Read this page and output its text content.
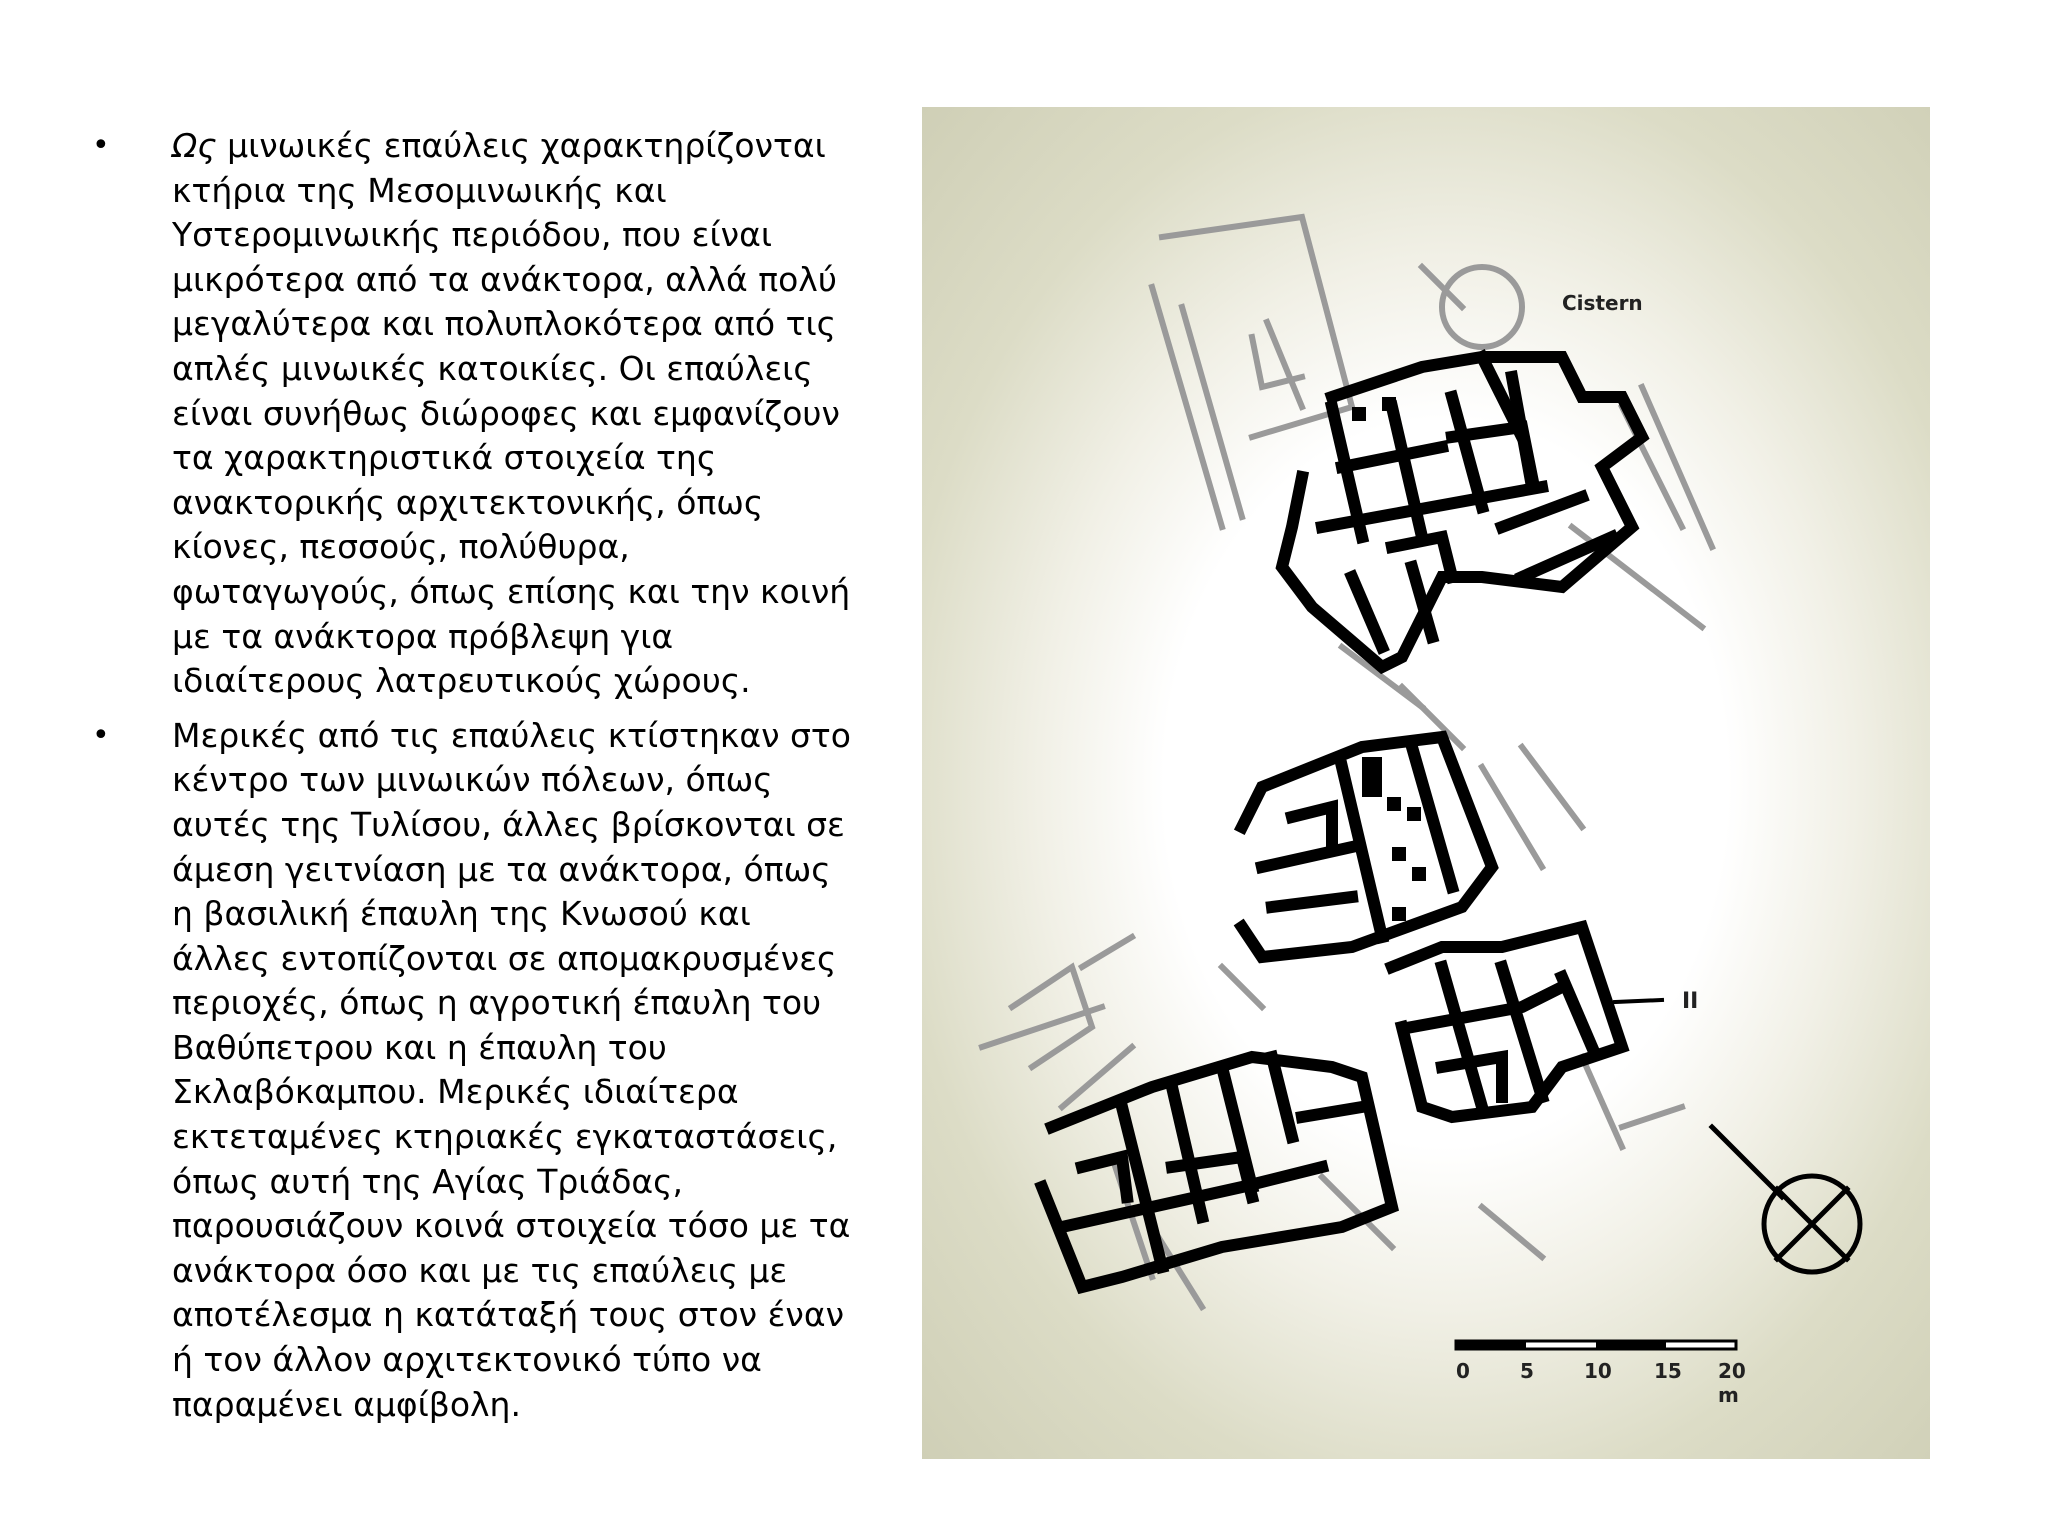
•	Ως μινωικές επαύλεις χαρακτηρίζονται κτήρια της Μεσομινωικής και Υστερομινωικής περιόδου, που είναι μικρότερα από τα ανάκτορα, αλλά πολύ μεγαλύτερα και πολυπλοκότερα από τις απλές μινωικές κατοικίες. Οι επαύλεις είναι συνήθως διώροφες και εμφανίζουν τα χαρακτηριστικά στοιχεία της ανακτορικής αρχιτεκτονικής, όπως κίονες, πεσσούς, πολύθυρα, φωταγωγούς, όπως επίσης και την κοινή με τα ανάκτορα πρόβλεψη για ιδιαίτερους λατρευτικούς χώρους.
•	Μερικές από τις επαύλεις κτίστηκαν στο κέντρο των μινωικών πόλεων, όπως αυτές της Τυλίσου, άλλες βρίσκονται σε άμεση γειτνίαση με τα ανάκτορα, όπως η βασιλική έπαυλη της Κνωσού και άλλες εντοπίζονται σε απομακρυσμένες περιοχές, όπως η αγροτική έπαυλη του Βαθύπετρου και η έπαυλη του Σκλαβόκαμπου. Μερικές ιδιαίτερα εκτεταμένες κτηριακές εγκαταστάσεις, όπως αυτή της Αγίας Τριάδας, παρουσιάζουν κοινά στοιχεία τόσο με τα ανάκτορα όσο και με τις επαύλεις με αποτέλεσμα η κατάταξή τους στον έναν ή τον άλλον αρχιτεκτονικό τύπο να παραμένει αμφίβολη.
Cistern
II
0	5	10 15 20 m
